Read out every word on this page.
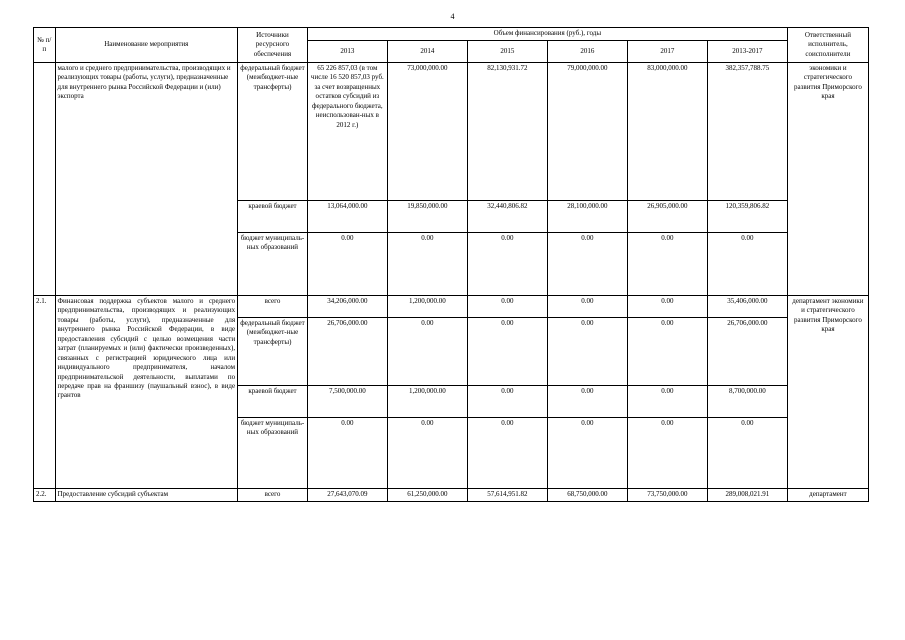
4
№ п/п	Наименование мероприятия	Источники ресурсного обеспечения	Объем финансирования (руб.), годы						Ответственный исполнитель, соисполнители
			2013	2014	2015	2016	2017	2013-2017	
	малого и среднего предпринимательства, производящих и реализующих товары (работы, услуги), предназначенные для внутреннего рынка Российской Федерации и (или) экспорта	федеральный бюджет (межбюджет-ные трансферты)	65 226 857,03 (в том числе 16 520 857,03 руб. за счет возвращенных остатков субсидий из федерального бюджета, неиспользован-ных в 2012 г.)	73,000,000.00	82,130,931.72	79,000,000.00	83,000,000.00	382,357,788.75	экономики и стратегического развития Приморского края
		краевой бюджет	13,064,000.00	19,850,000.00	32,440,806.82	28,100,000.00	26,905,000.00	120,359,806.82	
		бюджет муниципаль-ных образований	0.00	0.00	0.00	0.00	0.00	0.00	
2.1.	Финансовая поддержка субъектов малого и среднего предпринимательства, производящих и реализующих товары (работы, услуги), предназначенные для внутреннего рынка Российской Федерации, в виде предоставления субсидий с целью возмещения части затрат (планируемых и (или) фактически произведенных), связанных с регистрацией юридического лица или индивидуального предпринимателя, началом предпринимательской деятельности, выплатами по передаче прав на франшизу (паушальный взнос), в виде грантов	всего	34,206,000.00	1,200,000.00	0.00	0.00	0.00	35,406,000.00	департамент экономики и стратегического развития Приморского края
		федеральный бюджет (межбюджет-ные трансферты)	26,706,000.00	0.00	0.00	0.00	0.00	26,706,000.00	
		краевой бюджет	7,500,000.00	1,200,000.00	0.00	0.00	0.00	8,700,000.00	
		бюджет муниципаль-ных образований	0.00	0.00	0.00	0.00	0.00	0.00	
2.2.	Предоставление субсидий субъектам	всего	27,643,070.09	61,250,000.00	57,614,951.82	68,750,000.00	73,750,000.00	289,008,021.91	департамент
